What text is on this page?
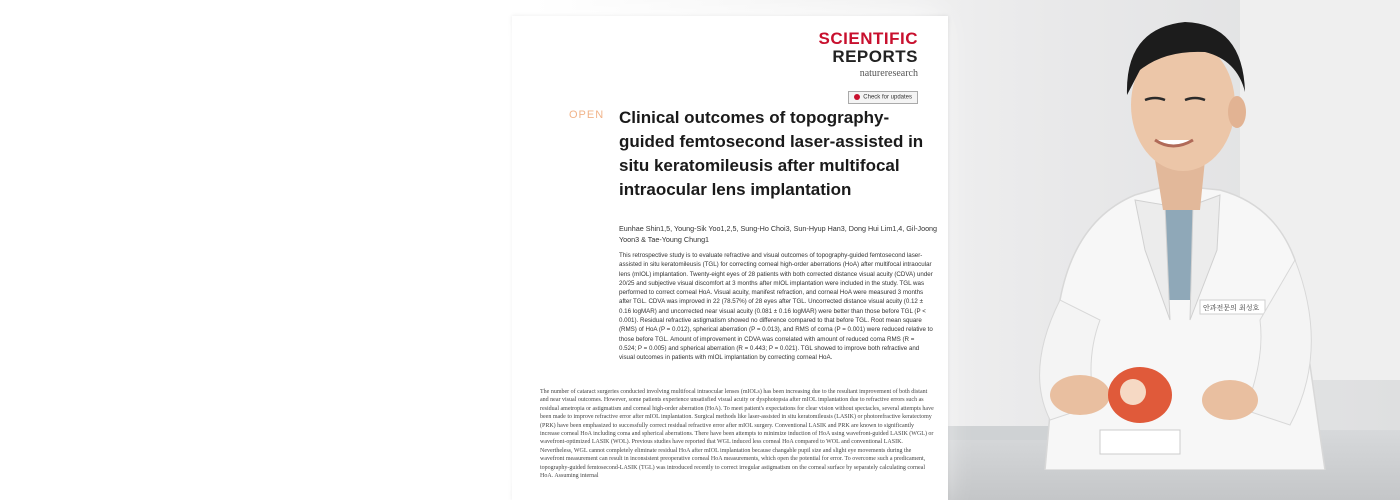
SCIENTIFIC
REPORTS
natureresearch
Check for updates
OPEN Clinical outcomes of topography-guided femtosecond laser-assisted in situ keratomileusis after multifocal intraocular lens implantation
Eunhae Shin1,5, Young-Sik Yoo1,2,5, Sung-Ho Choi3, Sun-Hyup Han3, Dong Hui Lim1,4, Gil-Joong Yoon3 & Tae-Young Chung1
This retrospective study is to evaluate refractive and visual outcomes of topography-guided femtosecond laser-assisted in situ keratomileusis (TGL) for correcting corneal high-order aberrations (HoA) after multifocal intraocular lens (mIOL) implantation. Twenty-eight eyes of 28 patients with both corrected distance visual acuity (CDVA) under 20/25 and subjective visual discomfort at 3 months after mIOL implantation were included in the study. TGL was performed to correct corneal HoA. Visual acuity, manifest refraction, and corneal HoA were measured 3 months after TGL. CDVA was improved in 22 (78.57%) of 28 eyes after TGL. Uncorrected distance visual acuity (0.12 ± 0.16 logMAR) and uncorrected near visual acuity (0.081 ± 0.16 logMAR) were better than those before TGL (P < 0.001). Residual refractive astigmatism showed no difference compared to that before TGL. Root mean square (RMS) of HoA (P = 0.012), spherical aberration (P = 0.013), and RMS of coma (P = 0.001) were reduced relative to those before TGL. Amount of improvement in CDVA was correlated with amount of reduced coma RMS (R = 0.524; P = 0.005) and spherical aberration (R = 0.443; P = 0.021). TGL showed to improve both refractive and visual outcomes in patients with mIOL implantation by correcting corneal HoA.
The number of cataract surgeries conducted involving multifocal intraocular lenses (mIOLs) has been increasing due to the resultant improvement of both distant and near visual outcomes. However, some patients experience unsatisfied visual acuity or dysphotopsia after mIOL implantation due to refractive errors such as residual ametropia or astigmatism and corneal high-order aberration (HoA). To meet patient's expectations for clear vision without spectacles, several attempts have been made to improve refractive error after mIOL implantation. Surgical methods like laser-assisted in situ keratomileusis (LASIK) or photorefractive keratectomy (PRK) have been emphasized to successfully correct residual refractive error after mIOL surgery. Conventional LASIK and PRK are known to significantly increase corneal HoA including coma and spherical aberrations. There have been attempts to minimize induction of HoA using wavefront-guided LASIK (WGL) or wavefront-optimized LASIK (WOL). Previous studies have reported that WGL induced less corneal HoA compared to WOL and conventional LASIK. Nevertheless, WGL cannot completely eliminate residual HoA after mIOL implantation because changable pupil size and slight eye movements during the wavefront measurement can result in inconsistent preoperative corneal HoA measurements, which open the potential for error. To overcome such a predicament, topography-guided femtosecond-LASIK (TGL) was introduced recently to correct irregular astigmatism on the corneal surface by separately calculating corneal HoA. Assuming internal
안과전문의 최성호
